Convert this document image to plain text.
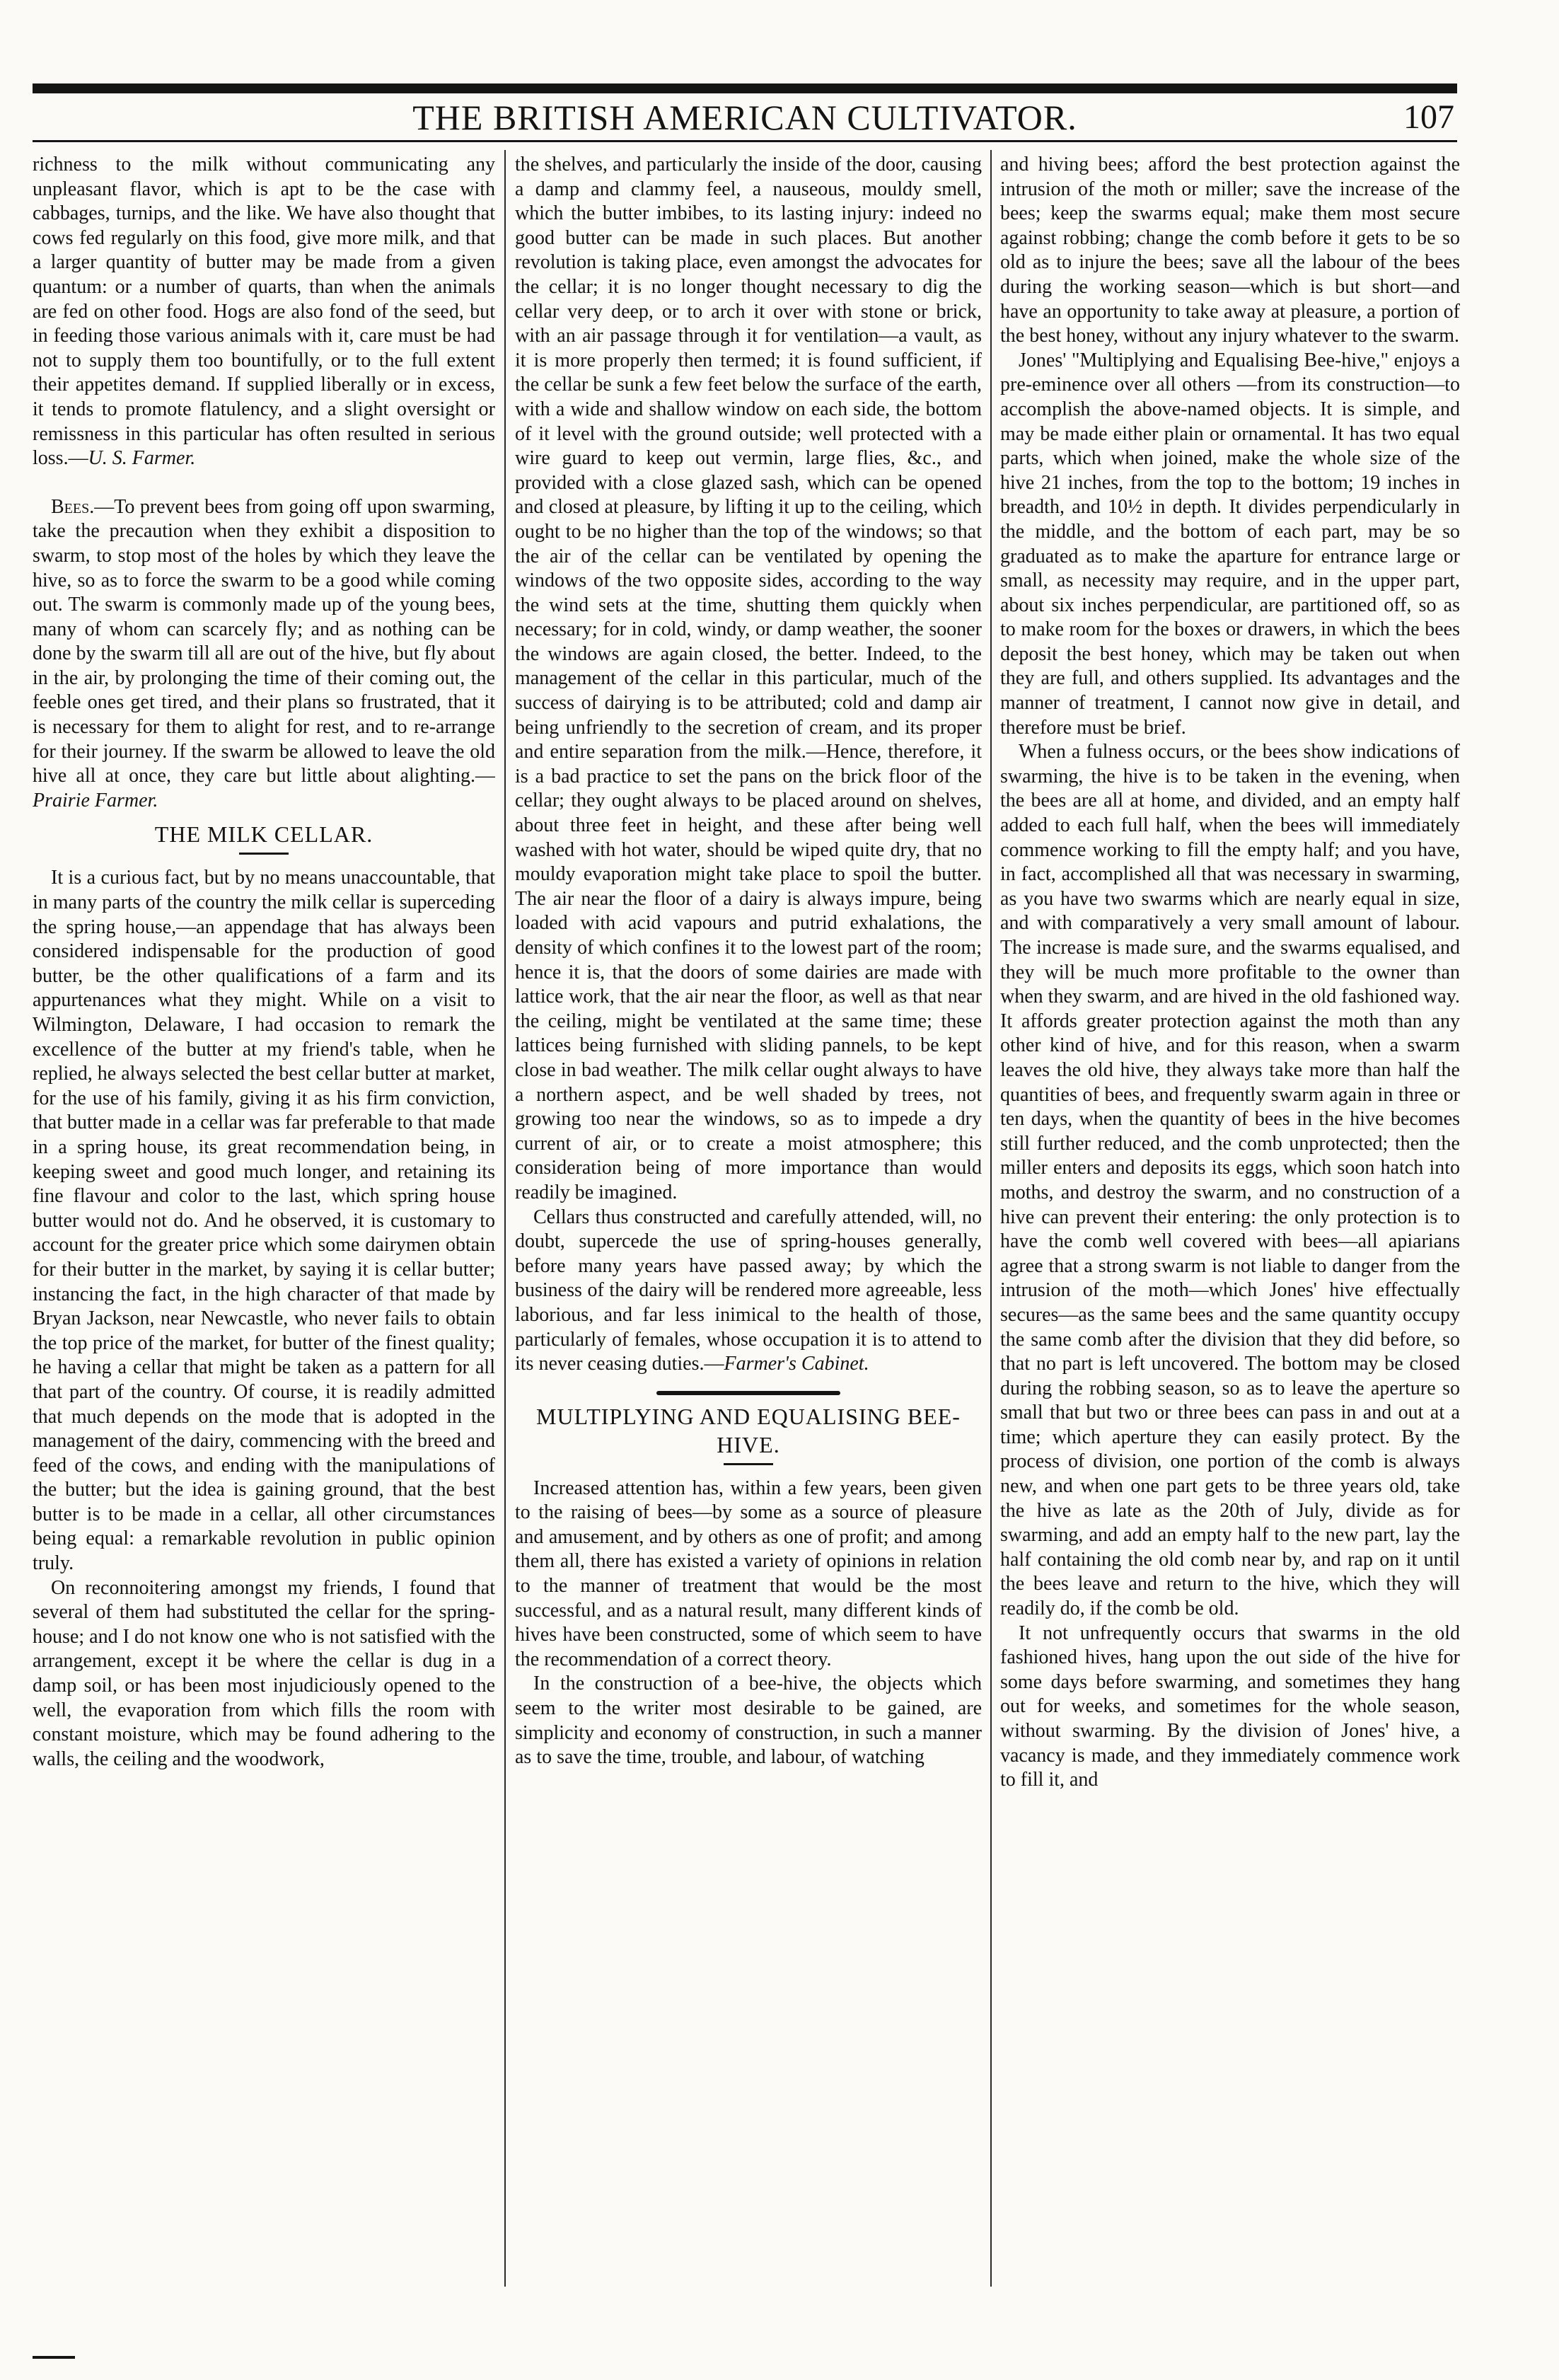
THE BRITISH AMERICAN CULTIVATOR.	107

richness to the milk without communicating any unpleasant flavor, which is apt to be the case with cabbages, turnips, and the like. We have also thought that cows fed regularly on this food, give more milk, and that a larger quantity of butter may be made from a given quantum: or a number of quarts, than when the animals are fed on other food. Hogs are also fond of the seed, but in feeding those various animals with it, care must be had not to supply them too bountifully, or to the full extent their appetites demand. If supplied liberally or in excess, it tends to promote flatulency, and a slight oversight or remissness in this particular has often resulted in serious loss.—U. S. Farmer.

Bees.—To prevent bees from going off upon swarming, take the precaution when they exhibit a disposition to swarm, to stop most of the holes by which they leave the hive, so as to force the swarm to be a good while coming out. The swarm is commonly made up of the young bees, many of whom can scarcely fly; and as nothing can be done by the swarm till all are out of the hive, but fly about in the air, by prolonging the time of their coming out, the feeble ones get tired, and their plans so frustrated, that it is necessary for them to alight for rest, and to re-arrange for their journey. If the swarm be allowed to leave the old hive all at once, they care but little about alighting.—Prairie Farmer.

THE MILK CELLAR.

It is a curious fact, but by no means unaccountable, that in many parts of the country the milk cellar is superceding the spring house,—an appendage that has always been considered indispensable for the production of good butter, be the other qualifications of a farm and its appurtenances what they might. While on a visit to Wilmington, Delaware, I had occasion to remark the excellence of the butter at my friend's table, when he replied, he always selected the best cellar butter at market, for the use of his family, giving it as his firm conviction, that butter made in a cellar was far preferable to that made in a spring house, its great recommendation being, in keeping sweet and good much longer, and retaining its fine flavour and color to the last, which spring house butter would not do. And he observed, it is customary to account for the greater price which some dairymen obtain for their butter in the market, by saying it is cellar butter; instancing the fact, in the high character of that made by Bryan Jackson, near Newcastle, who never fails to obtain the top price of the market, for butter of the finest quality; he having a cellar that might be taken as a pattern for all that part of the country. Of course, it is readily admitted that much depends on the mode that is adopted in the management of the dairy, commencing with the breed and feed of the cows, and ending with the manipulations of the butter; but the idea is gaining ground, that the best butter is to be made in a cellar, all other circumstances being equal: a remarkable revolution in public opinion truly.

On reconnoitering amongst my friends, I found that several of them had substituted the cellar for the spring-house; and I do not know one who is not satisfied with the arrangement, except it be where the cellar is dug in a damp soil, or has been most injudiciously opened to the well, the evaporation from which fills the room with constant moisture, which may be found adhering to the walls, the ceiling and the woodwork,

the shelves, and particularly the inside of the door, causing a damp and clammy feel, a nauseous, mouldy smell, which the butter imbibes, to its lasting injury: indeed no good butter can be made in such places. But another revolution is taking place, even amongst the advocates for the cellar; it is no longer thought necessary to dig the cellar very deep, or to arch it over with stone or brick, with an air passage through it for ventilation—a vault, as it is more properly then termed; it is found sufficient, if the cellar be sunk a few feet below the surface of the earth, with a wide and shallow window on each side, the bottom of it level with the ground outside; well protected with a wire guard to keep out vermin, large flies, &c., and provided with a close glazed sash, which can be opened and closed at pleasure, by lifting it up to the ceiling, which ought to be no higher than the top of the windows; so that the air of the cellar can be ventilated by opening the windows of the two opposite sides, according to the way the wind sets at the time, shutting them quickly when necessary; for in cold, windy, or damp weather, the sooner the windows are again closed, the better. Indeed, to the management of the cellar in this particular, much of the success of dairying is to be attributed; cold and damp air being unfriendly to the secretion of cream, and its proper and entire separation from the milk.—Hence, therefore, it is a bad practice to set the pans on the brick floor of the cellar; they ought always to be placed around on shelves, about three feet in height, and these after being well washed with hot water, should be wiped quite dry, that no mouldy evaporation might take place to spoil the butter. The air near the floor of a dairy is always impure, being loaded with acid vapours and putrid exhalations, the density of which confines it to the lowest part of the room; hence it is, that the doors of some dairies are made with lattice work, that the air near the floor, as well as that near the ceiling, might be ventilated at the same time; these lattices being furnished with sliding pannels, to be kept close in bad weather. The milk cellar ought always to have a northern aspect, and be well shaded by trees, not growing too near the windows, so as to impede a dry current of air, or to create a moist atmosphere; this consideration being of more importance than would readily be imagined.

Cellars thus constructed and carefully attended, will, no doubt, supercede the use of spring-houses generally, before many years have passed away; by which the business of the dairy will be rendered more agreeable, less laborious, and far less inimical to the health of those, particularly of females, whose occupation it is to attend to its never ceasing duties.—Farmer's Cabinet.

MULTIPLYING AND EQUALISING BEE-HIVE.

Increased attention has, within a few years, been given to the raising of bees—by some as a source of pleasure and amusement, and by others as one of profit; and among them all, there has existed a variety of opinions in relation to the manner of treatment that would be the most successful, and as a natural result, many different kinds of hives have been constructed, some of which seem to have the recommendation of a correct theory.

In the construction of a bee-hive, the objects which seem to the writer most desirable to be gained, are simplicity and economy of construction, in such a manner as to save the time, trouble, and labour, of watching

and hiving bees; afford the best protection against the intrusion of the moth or miller; save the increase of the bees; keep the swarms equal; make them most secure against robbing; change the comb before it gets to be so old as to injure the bees; save all the labour of the bees during the working season—which is but short—and have an opportunity to take away at pleasure, a portion of the best honey, without any injury whatever to the swarm.

Jones' "Multiplying and Equalising Bee-hive," enjoys a pre-eminence over all others —from its construction—to accomplish the above-named objects. It is simple, and may be made either plain or ornamental. It has two equal parts, which when joined, make the whole size of the hive 21 inches, from the top to the bottom; 19 inches in breadth, and 10½ in depth. It divides perpendicularly in the middle, and the bottom of each part, may be so graduated as to make the aparture for entrance large or small, as necessity may require, and in the upper part, about six inches perpendicular, are partitioned off, so as to make room for the boxes or drawers, in which the bees deposit the best honey, which may be taken out when they are full, and others supplied. Its advantages and the manner of treatment, I cannot now give in detail, and therefore must be brief.

When a fulness occurs, or the bees show indications of swarming, the hive is to be taken in the evening, when the bees are all at home, and divided, and an empty half added to each full half, when the bees will immediately commence working to fill the empty half; and you have, in fact, accomplished all that was necessary in swarming, as you have two swarms which are nearly equal in size, and with comparatively a very small amount of labour. The increase is made sure, and the swarms equalised, and they will be much more profitable to the owner than when they swarm, and are hived in the old fashioned way. It affords greater protection against the moth than any other kind of hive, and for this reason, when a swarm leaves the old hive, they always take more than half the quantities of bees, and frequently swarm again in three or ten days, when the quantity of bees in the hive becomes still further reduced, and the comb unprotected; then the miller enters and deposits its eggs, which soon hatch into moths, and destroy the swarm, and no construction of a hive can prevent their entering: the only protection is to have the comb well covered with bees—all apiarians agree that a strong swarm is not liable to danger from the intrusion of the moth—which Jones' hive effectually secures—as the same bees and the same quantity occupy the same comb after the division that they did before, so that no part is left uncovered. The bottom may be closed during the robbing season, so as to leave the aperture so small that but two or three bees can pass in and out at a time; which aperture they can easily protect. By the process of division, one portion of the comb is always new, and when one part gets to be three years old, take the hive as late as the 20th of July, divide as for swarming, and add an empty half to the new part, lay the half containing the old comb near by, and rap on it until the bees leave and return to the hive, which they will readily do, if the comb be old.

It not unfrequently occurs that swarms in the old fashioned hives, hang upon the out side of the hive for some days before swarming, and sometimes they hang out for weeks, and sometimes for the whole season, without swarming. By the division of Jones' hive, a vacancy is made, and they immediately commence work to fill it, and
